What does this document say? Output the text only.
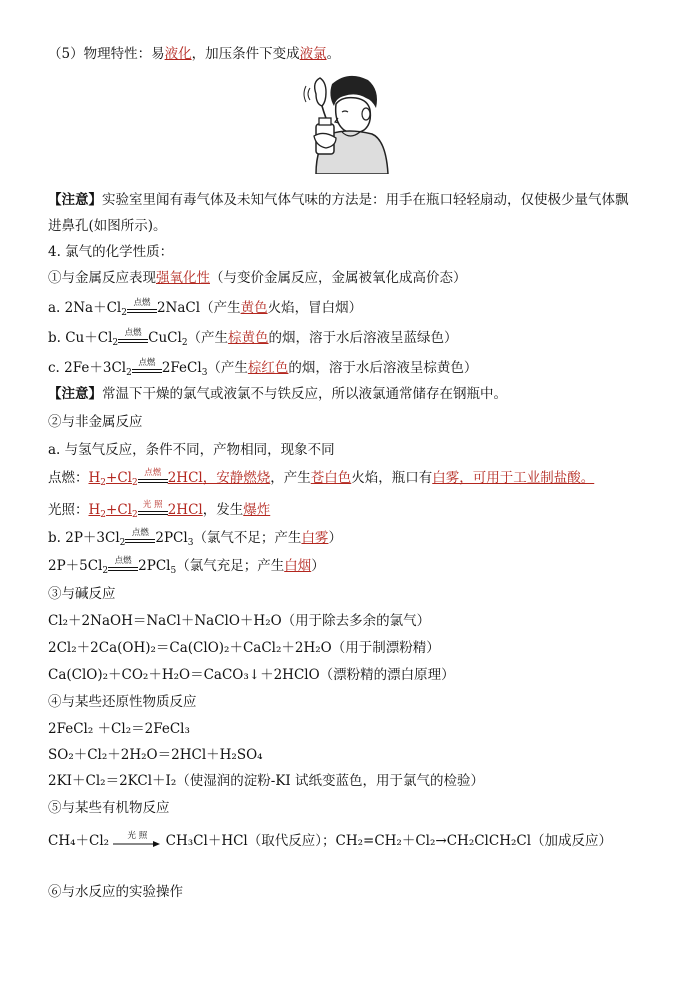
（5）物理特性：易液化，加压条件下变成液氯。
【注意】实验室里闻有毒气体及未知气体气味的方法是：用手在瓶口轻轻扇动，仅使极少量气体飘
进鼻孔(如图所示)。
4. 氯气的化学性质：
①与金属反应表现强氧化性（与变价金属反应，金属被氧化成高价态）
a. $2Na+Cl_2$
点燃 2NaCl（产生黄色火焰，冒白烟）
b. $Cu+Cl_2$
点燃 CuCl$_2$（产生棕黄色的烟，溶于水后溶液呈蓝绿色）
c. $2Fe+3Cl_2$
点燃 2FeCl$_3$（产生棕红色的烟，溶于水后溶液呈棕黄色）
【注意】常温下干燥的氯气或液氯不与铁反应，所以液氯通常储存在钢瓶中。
②与非金属反应
a. 与氢气反应，条件不同，产物相同，现象不同
点燃：$H_2+Cl_2$
点燃 2HCl，安静燃烧，产生苍白色火焰，瓶口有白雾，可用于工业制盐酸。
光照：$H_2+Cl_2$
光 照 2HCl，发生爆炸
b. $2P+3Cl_2$
点燃 2PCl$_3$（氯气不足；产生白雾）
$2P+5Cl_2$
点燃 2PCl$_5$（氯气充足；产生白烟）
③与碱反应
Cl₂＋2NaOH＝NaCl＋NaClO＋H₂O（用于除去多余的氯气）
2Cl₂＋2Ca(OH)₂＝Ca(ClO)₂＋CaCl₂＋2H₂O（用于制漂粉精）
Ca(ClO)₂＋CO₂＋H₂O＝CaCO₃↓＋2HClO（漂粉精的漂白原理）
④与某些还原性物质反应
2FeCl₂ ＋Cl₂＝2FeCl₃
SO₂＋Cl₂＋2H₂O＝2HCl＋H₂SO₄
2KI＋Cl₂＝2KCl＋I₂（使湿润的淀粉-KI 试纸变蓝色，用于氯气的检验）
⑤与某些有机物反应
CH₄＋Cl₂	光 照	CH₃Cl＋HCl（取代反应）；CH₂=CH₂＋Cl₂→CH₂ClCH₂Cl（加成反应）
⑥与水反应的实验操作
